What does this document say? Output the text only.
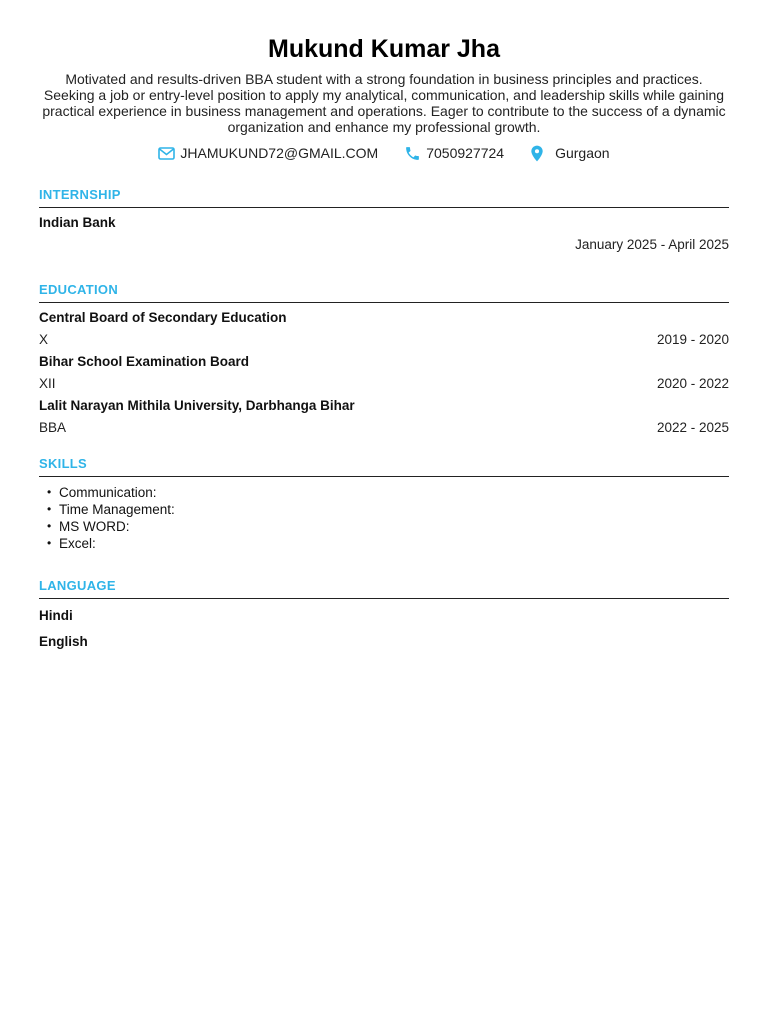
Mukund Kumar Jha

Motivated and results-driven BBA student with a strong foundation in business principles and practices. Seeking a job or entry-level position to apply my analytical, communication, and leadership skills while gaining practical experience in business management and operations. Eager to contribute to the success of a dynamic organization and enhance my professional growth.

JHAMUKUND72@GMAIL.COM	7050927724	Gurgaon
INTERNSHIP
Indian Bank
January 2025 - April 2025
EDUCATION
Central Board of Secondary Education
X	2019 - 2020
Bihar School Examination Board
XII	2020 - 2022
Lalit Narayan Mithila University, Darbhanga Bihar
BBA	2022 - 2025
SKILLS
• Communication:
• Time Management:
• MS WORD:
• Excel:
LANGUAGE
Hindi
English
